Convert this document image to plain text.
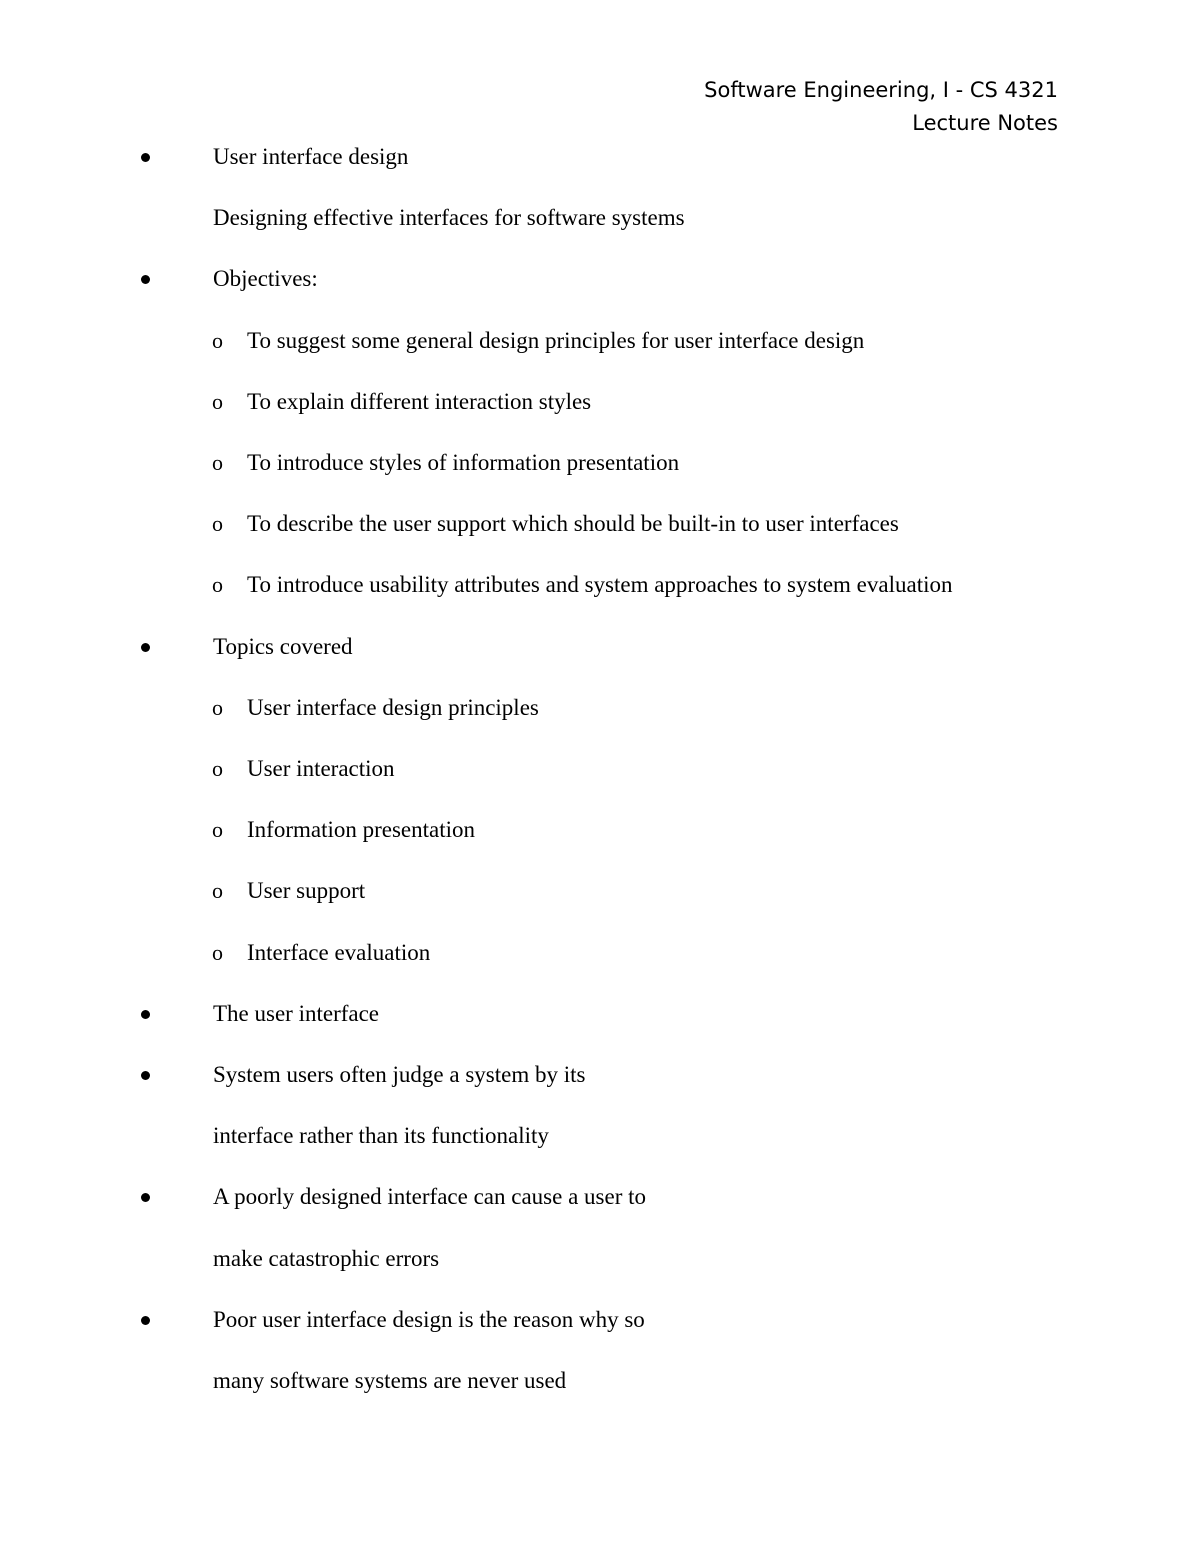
Software Engineering, I - CS 4321
Lecture Notes
User interface design
Designing effective interfaces for software systems
Objectives:
o To suggest some general design principles for user interface design
o To explain different interaction styles
o To introduce styles of information presentation
o To describe the user support which should be built-in to user interfaces
o To introduce usability attributes and system approaches to system evaluation
Topics covered
o User interface design principles
o User interaction
o Information presentation
o User support
o Interface evaluation
The user interface
System users often judge a system by its
interface rather than its functionality
A poorly designed interface can cause a user to
make catastrophic errors
Poor user interface design is the reason why so
many software systems are never used
